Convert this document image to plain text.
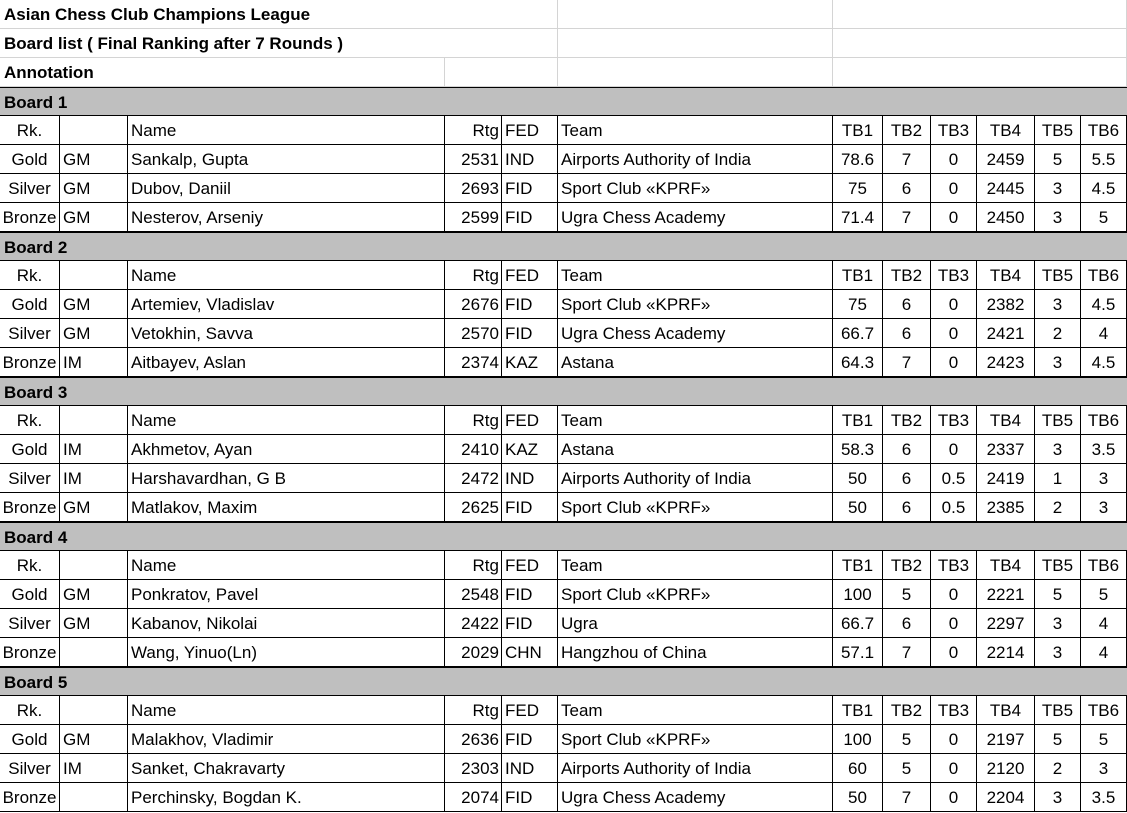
Asian Chess Club Champions League
Board list ( Final Ranking after 7 Rounds )
Annotation
Board 1
Rk.	Name	Rtg FED	Team	TB1	TB2 TB3	TB4	TB5 TB6
Gold GM	Sankalp, Gupta	2531 IND	Airports Authority of India	78.6	7	0	2459	5	5.5
Silver GM	Dubov, Daniil	2693 FID	Sport Club «KPRF»	75	6	0	2445	3	4.5
Bronze GM	Nesterov, Arseniy	2599 FID	Ugra Chess Academy	71.4	7	0	2450	3	5
Board 2
Rk.	Name	Rtg FED	Team	TB1	TB2 TB3	TB4	TB5 TB6
Gold GM	Artemiev, Vladislav	2676 FID	Sport Club «KPRF»	75	6	0	2382	3	4.5
Silver GM	Vetokhin, Savva	2570 FID	Ugra Chess Academy	66.7	6	0	2421	2	4
Bronze IM	Aitbayev, Aslan	2374 KAZ	Astana	64.3	7	0	2423	3	4.5
Board 3
Rk.	Name	Rtg FED	Team	TB1	TB2 TB3	TB4	TB5 TB6
Gold IM	Akhmetov, Ayan	2410 KAZ	Astana	58.3	6	0	2337	3	3.5
Silver IM	Harshavardhan, G B	2472 IND	Airports Authority of India	50	6	0.5	2419	1	3
Bronze GM	Matlakov, Maxim	2625 FID	Sport Club «KPRF»	50	6	0.5	2385	2	3
Board 4
Rk.	Name	Rtg FED	Team	TB1	TB2 TB3	TB4	TB5 TB6
Gold GM	Ponkratov, Pavel	2548 FID	Sport Club «KPRF»	100	5	0	2221	5	5
Silver GM	Kabanov, Nikolai	2422 FID	Ugra	66.7	6	0	2297	3	4
Bronze	Wang, Yinuo(Ln)	2029 CHN	Hangzhou of China	57.1	7	0	2214	3	4
Board 5
Rk.	Name	Rtg FED	Team	TB1	TB2 TB3	TB4	TB5 TB6
Gold GM	Malakhov, Vladimir	2636 FID	Sport Club «KPRF»	100	5	0	2197	5	5
Silver IM	Sanket, Chakravarty	2303 IND	Airports Authority of India	60	5	0	2120	2	3
Bronze	Perchinsky, Bogdan K.	2074 FID	Ugra Chess Academy	50	7	0	2204	3	3.5
